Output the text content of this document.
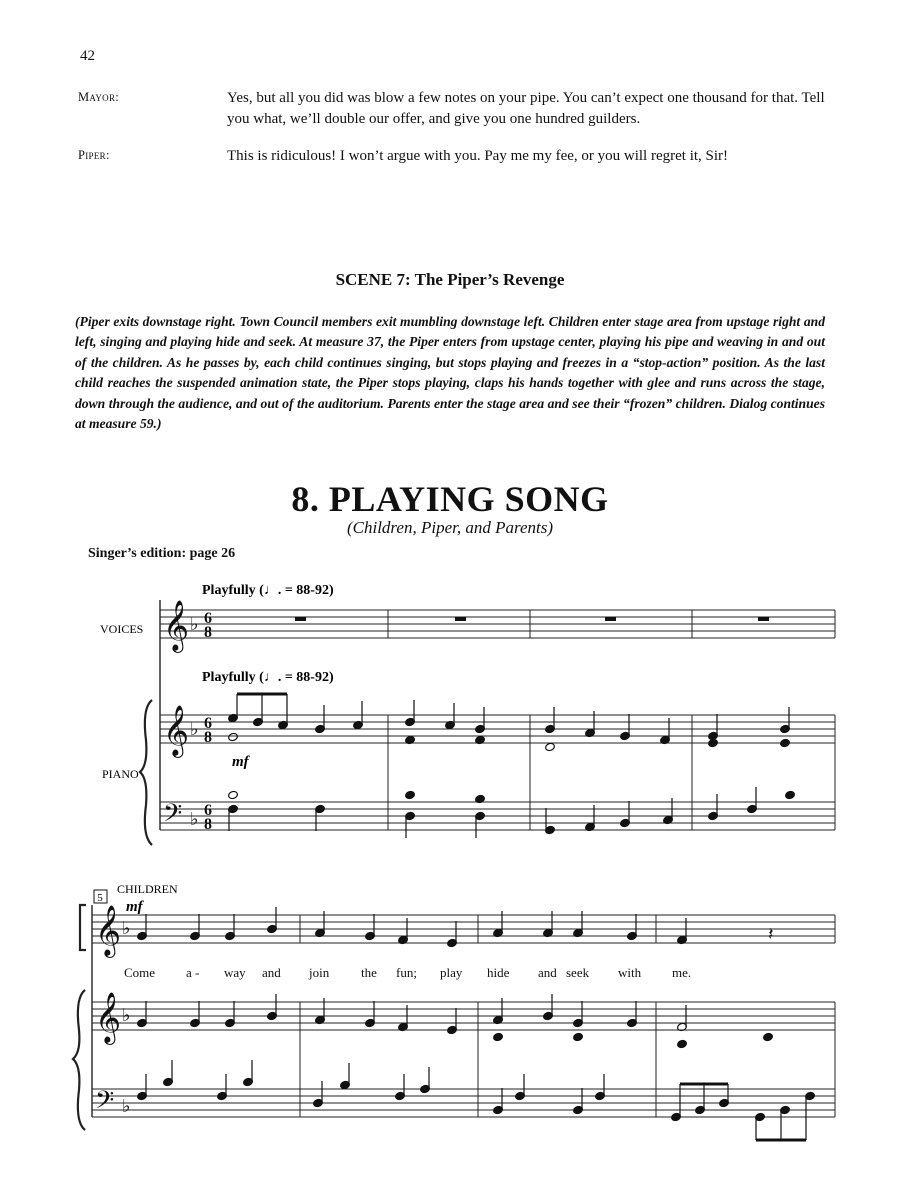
42
Mayor:	Yes, but all you did was blow a few notes on your pipe. You can’t expect one thousand for that. Tell you what, we’ll double our offer, and give you one hundred guilders.
Piper:	This is ridiculous! I won’t argue with you. Pay me my fee, or you will regret it, Sir!
SCENE 7: The Piper’s Revenge
(Piper exits downstage right. Town Council members exit mumbling downstage left. Children enter stage area from upstage right and left, singing and playing hide and seek. At measure 37, the Piper enters from upstage center, playing his pipe and weaving in and out of the children. As he passes by, each child continues singing, but stops playing and freezes in a “stop-action” position. As the last child reaches the suspended animation state, the Piper stops playing, claps his hands together with glee and runs across the stage, down through the audience, and out of the auditorium. Parents enter the stage area and see their “frozen” children. Dialog continues at measure 59.)
8. PLAYING SONG
(Children, Piper, and Parents)
Singer’s edition: page 26
𝄞
𝄞
𝄞
𝄞
𝄢
𝄢
♭
♭
♭
♭
♭
♭
6
8
6
8
6
8
𝄽
Playfully (♩. = 88-92)
Playfully (♩. = 88-92)
VOICES
PIANO
CHILDREN
5
mf
mf
Come a - way and join the fun; play hide and seek with me.
